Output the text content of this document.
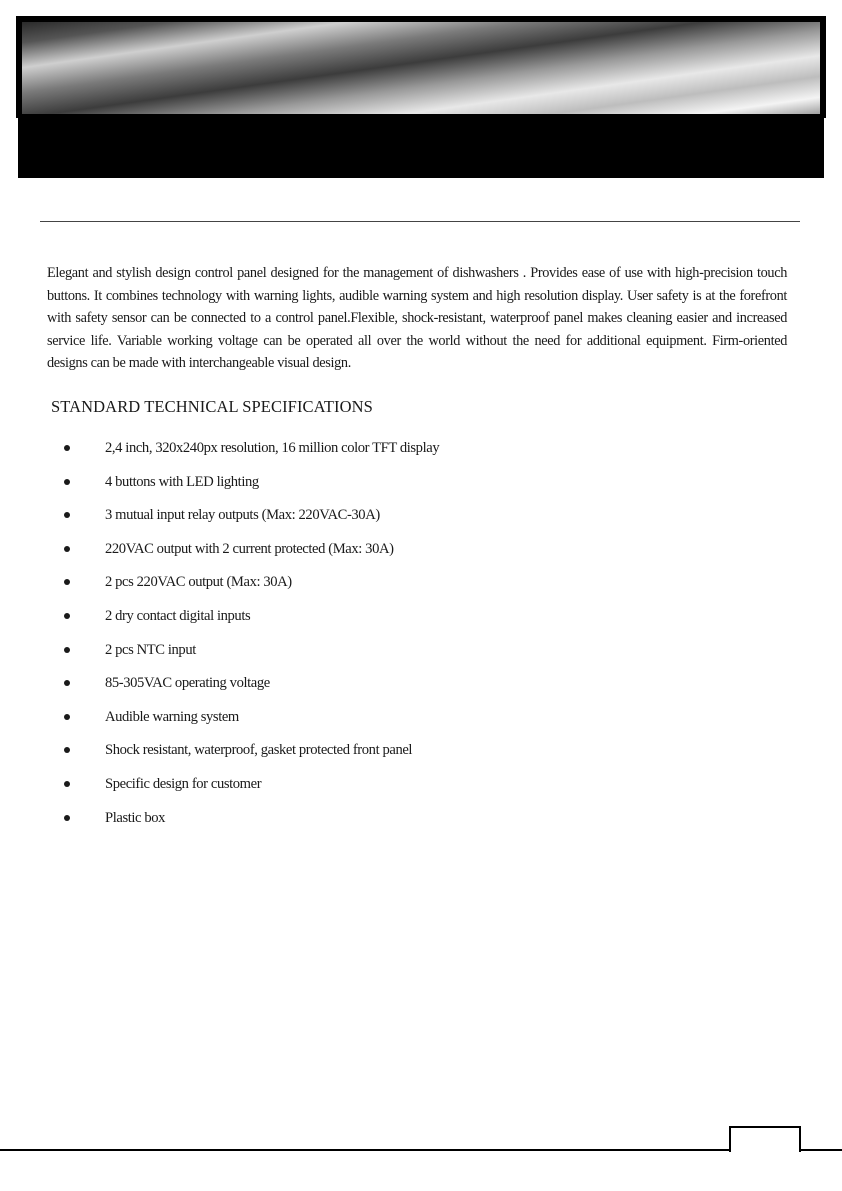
Elegant and stylish design control panel designed for the management of dishwashers . Provides ease of use with high-precision touch buttons. It combines technology with warning lights, audible warning system and high resolution display. User safety is at the forefront with safety sensor can be connected to a control panel.Flexible, shock-resistant, waterproof panel makes cleaning easier and increased service life. Variable working voltage can be operated all over the world without the need for additional equipment. Firm-oriented designs can be made with interchangeable visual design.

STANDARD TECHNICAL SPECIFICATIONS
2,4 inch, 320x240px resolution, 16 million color TFT display
4 buttons with LED lighting
3 mutual input relay outputs (Max: 220VAC-30A)
220VAC output with 2 current protected (Max: 30A)
2 pcs 220VAC output (Max: 30A)
2 dry contact digital inputs
2 pcs NTC input
85-305VAC operating voltage
Audible warning system
Shock resistant, waterproof, gasket protected front panel
Specific design for customer
Plastic box
